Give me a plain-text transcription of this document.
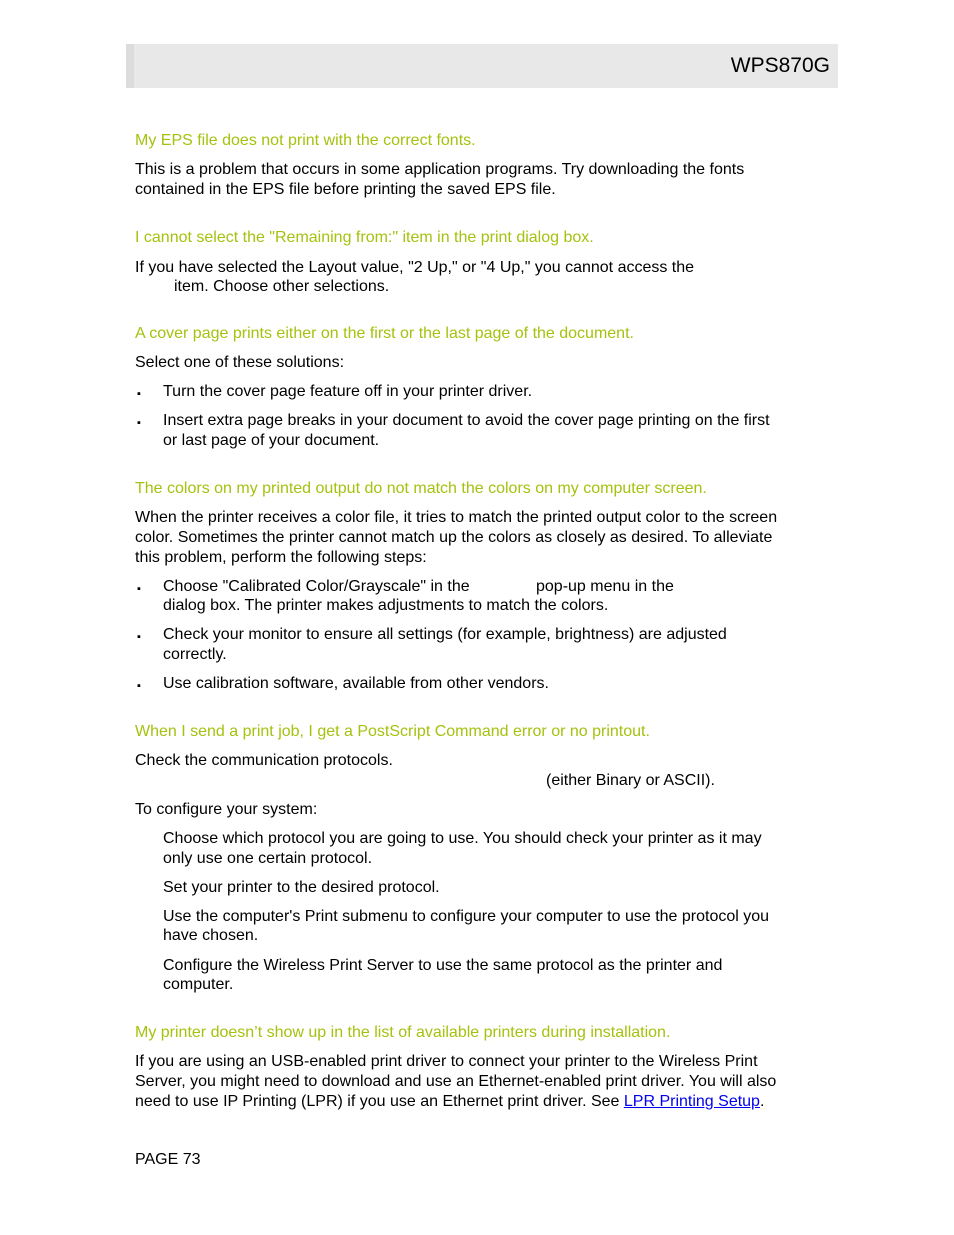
WPS870G
My EPS file does not print with the correct fonts.

This is a problem that occurs in some application programs. Try downloading the fonts

contained in the EPS file before printing the saved EPS file.

I cannot select the "Remaining from:" item in the print dialog box.

If you have selected the Layout value, "2 Up," or "4 Up," you cannot access the

item. Choose other selections.

A cover page prints either on the first or the last page of the document.

Select one of these solutions:

▪ Turn the cover page feature off in your printer driver.

▪ Insert extra page breaks in your document to avoid the cover page printing on the first

or last page of your document.

The colors on my printed output do not match the colors on my computer screen.

When the printer receives a color file, it tries to match the printed output color to the screen

color. Sometimes the printer cannot match up the colors as closely as desired. To alleviate

this problem, perform the following steps:

▪ Choose "Calibrated Color/Grayscale" in the	pop-up menu in the

dialog box. The printer makes adjustments to match the colors.

▪ Check your monitor to ensure all settings (for example, brightness) are adjusted

correctly.

▪ Use calibration software, available from other vendors.

When I send a print job, I get a PostScript Command error or no printout.

Check the communication protocols.

(either Binary or ASCII).

To configure your system:

Choose which protocol you are going to use. You should check your printer as it may

only use one certain protocol.

Set your printer to the desired protocol.

Use the computer's Print submenu to configure your computer to use the protocol you

have chosen.

Configure the Wireless Print Server to use the same protocol as the printer and

computer.

My printer doesn’t show up in the list of available printers during installation.

If you are using an USB-enabled print driver to connect your printer to the Wireless Print

Server, you might need to download and use an Ethernet-enabled print driver. You will also

need to use IP Printing (LPR) if you use an Ethernet print driver. See LPR Printing Setup.

PAGE 73
